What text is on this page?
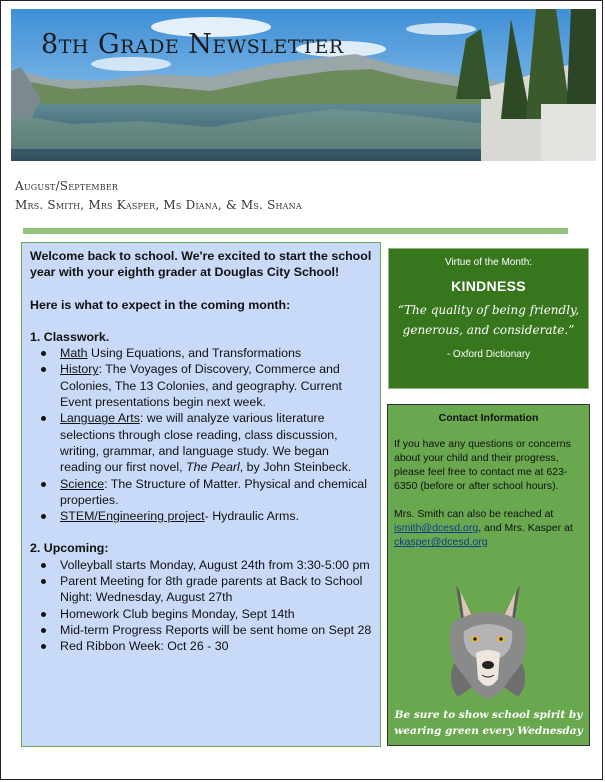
8th Grade Newsletter
August/September
Mrs. Smith, Mrs Kasper, Ms Diana, & Ms. Shana

Welcome back to school. We're excited to start the school year with your eighth grader at Douglas City School!

Here is what to expect in the coming month:

1. Classwork.

Math Using Equations, and Transformations
History: The Voyages of Discovery, Commerce and Colonies, The 13 Colonies, and geography. Current Event presentations begin next week.
Language Arts: we will analyze various literature selections through close reading, class discussion, writing, grammar, and language study. We began reading our first novel, The Pearl, by John Steinbeck.
Science: The Structure of Matter. Physical and chemical properties.
STEM/Engineering project- Hydraulic Arms.

2. Upcoming:

Volleyball starts Monday, August 24th from 3:30-5:00 pm
Parent Meeting for 8th grade parents at Back to School Night: Wednesday, August 27th
Homework Club begins Monday, Sept 14th
Mid-term Progress Reports will be sent home on Sept 28
Red Ribbon Week: Oct 26 - 30
Virtue of the Month:
KINDNESS
“The quality of being friendly, generous, and considerate.”
- Oxford Dictionary
Contact Information

If you have any questions or concerns about your child and their progress, please feel free to contact me at 623-6350 (before or after school hours).

Mrs. Smith can also be reached at ismith@dcesd.org, and Mrs. Kasper at ckasper@dcesd.org

Be sure to show school spirit by wearing green every Wednesday
